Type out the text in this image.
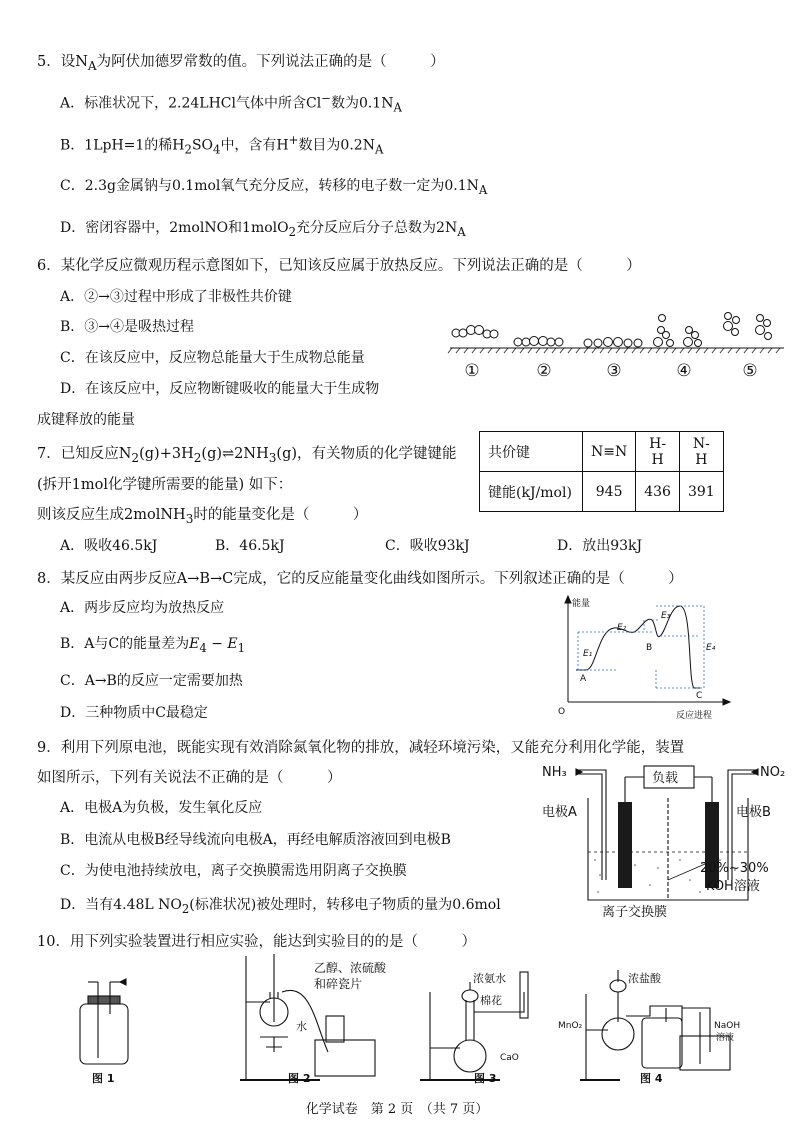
5．设$N_A$为阿伏加德罗常数的值。下列说法正确的是（　　　）
A．标准状况下，2.24LHCl气体中所含Cl−数为$0.1N_A$
B．1LpH=1的稀$H_2SO_4$中，含有H+数目为$0.2N_A$
C．2.3g金属钠与0.1mol氧气充分反应，转移的电子数一定为$0.1N_A$
D．密闭容器中，2molNO和1molO$_2$充分反应后分子总数为$2N_A$
6．某化学反应微观历程示意图如下，已知该反应属于放热反应。下列说法正确的是（　　　）
A．②→③过程中形成了非极性共价键
B．③→④是吸热过程
C．在该反应中，反应物总能量大于生成物总能量
D．在该反应中，反应物断键吸收的能量大于生成物
成键释放的能量
①	②	③	④	⑤
7．已知反应$N_2(g)+3H_2(g)\rightleftharpoons 2NH_3(g)$，有关物质的化学键键能
(拆开1mol化学键所需要的能量) 如下：
则该反应生成2molNH$_3$时的能量变化是（　　　）
共价键	N≡N	H-H	N-H
键能(kJ/mol)	945	436	391
A．吸收46.5kJ	B．46.5kJ	C．吸收93kJ	D．放出93kJ
8．某反应由两步反应A→B→C完成，它的反应能量变化曲线如图所示。下列叙述正确的是（　　　）
A．两步反应均为放热反应
B．A与C的能量差为$E_4 - E_1$
C．A→B的反应一定需要加热
D．三种物质中C最稳定
能量
O	反应进程
E₁
E₂
E₃
E₄
A
B
C
9．利用下列原电池，既能实现有效消除氮氧化物的排放，减轻环境污染，又能充分利用化学能，装置
如图所示，下列有关说法不正确的是（　　　）
A．电极A为负极，发生氧化反应
B．电流从电极B经导线流向电极A，再经电解质溶液回到电极B
C．为使电池持续放电，离子交换膜需选用阴离子交换膜
D．当有4.48L $NO_2$(标准状况)被处理时，转移电子物质的量为0.6mol
NH₃	NO₂
负载
电极A	电极B
20%~30%
KOH溶液
离子交换膜
10．用下列实验装置进行相应实验，能达到实验目的的是（　　　）
图 1	图 2	图 3	图 4
乙醇、浓硫酸
和碎瓷片
水
浓氨水
棉花
CaO
浓盐酸
MnO₂	NaOH
溶液
化学试卷　第 2 页　（共 7 页）
